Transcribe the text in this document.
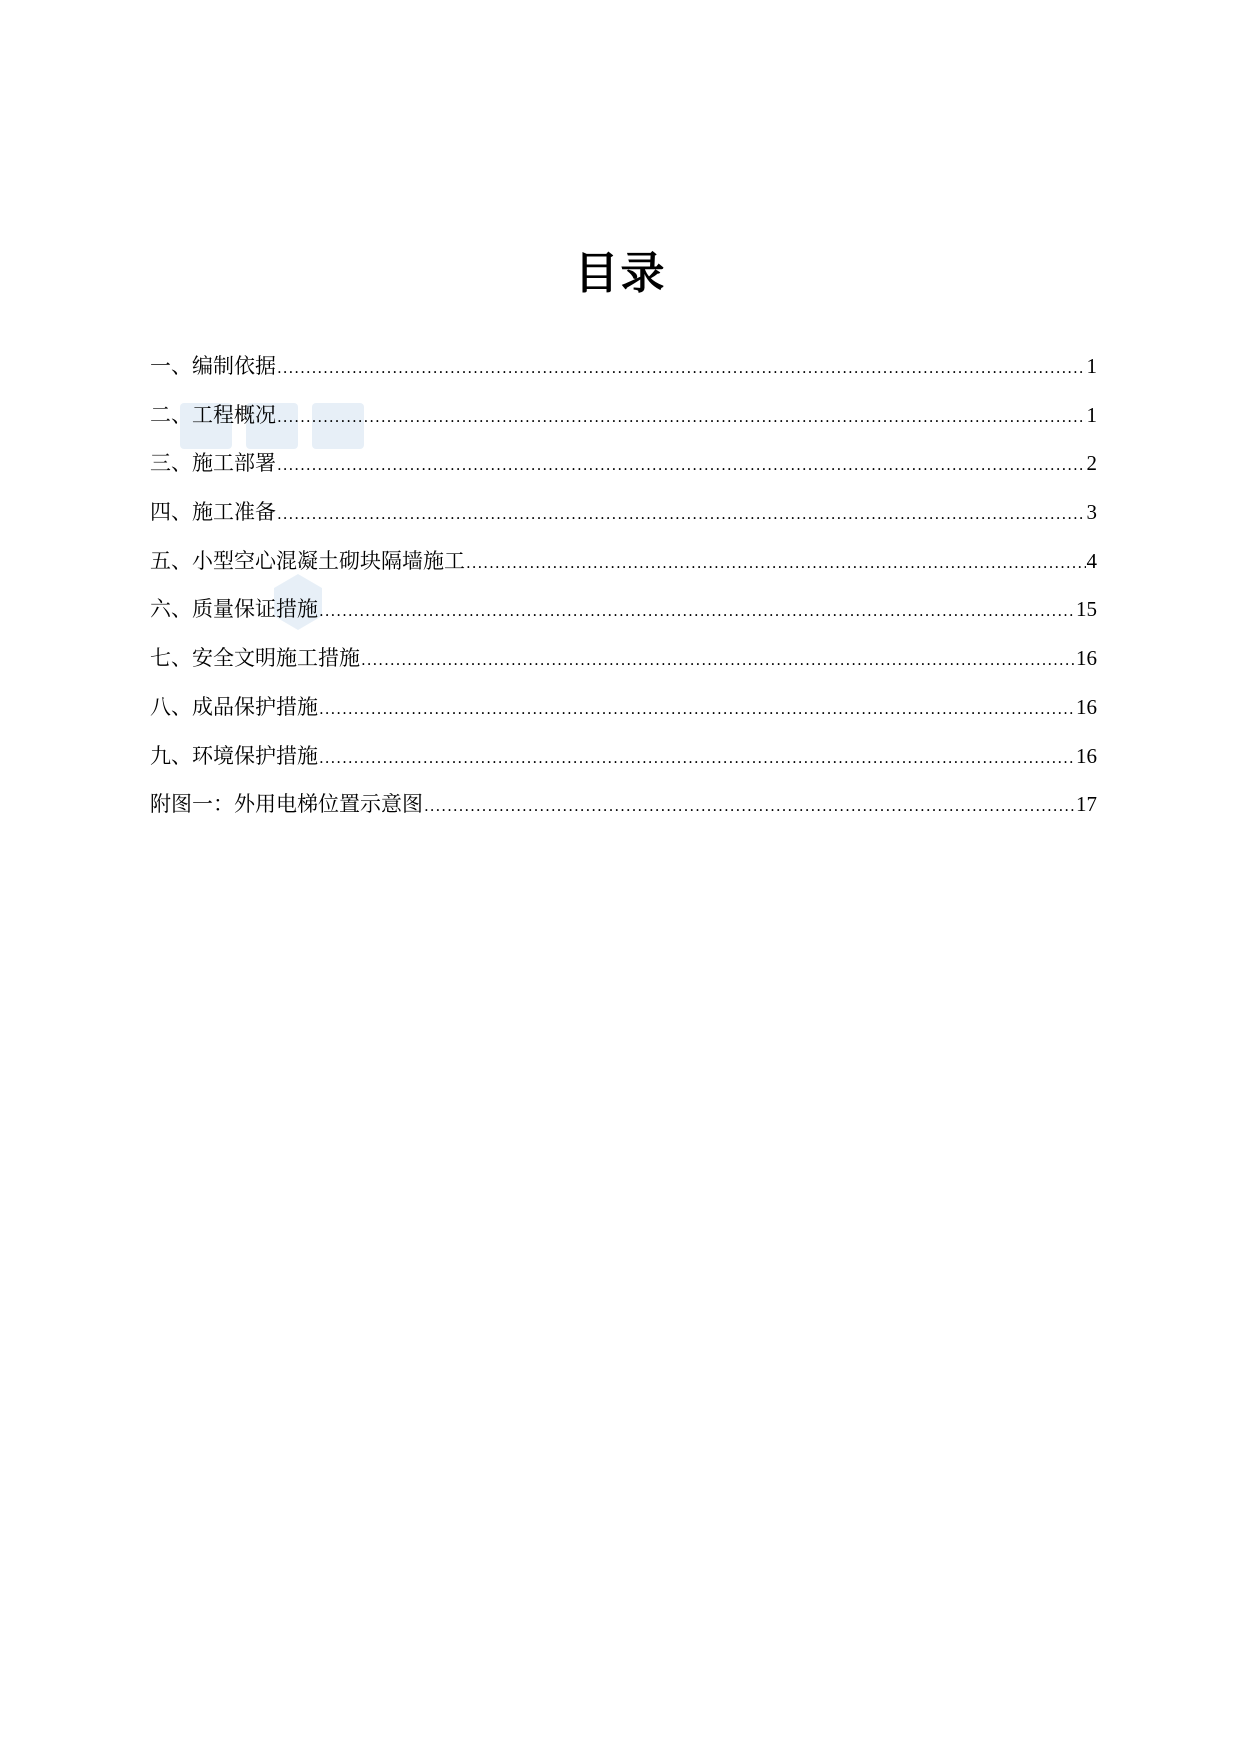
目录
一、编制依据 .....	1
二、工程概况 .....	1
三、施工部署 .....	2
四、施工准备 .....	3
五、小型空心混凝土砌块隔墙施工 .....	4
六、质量保证措施 .....	15
七、安全文明施工措施 .....	16
八、成品保护措施 .....	16
九、环境保护措施 .....	16
附图一：外用电梯位置示意图 .....	17
